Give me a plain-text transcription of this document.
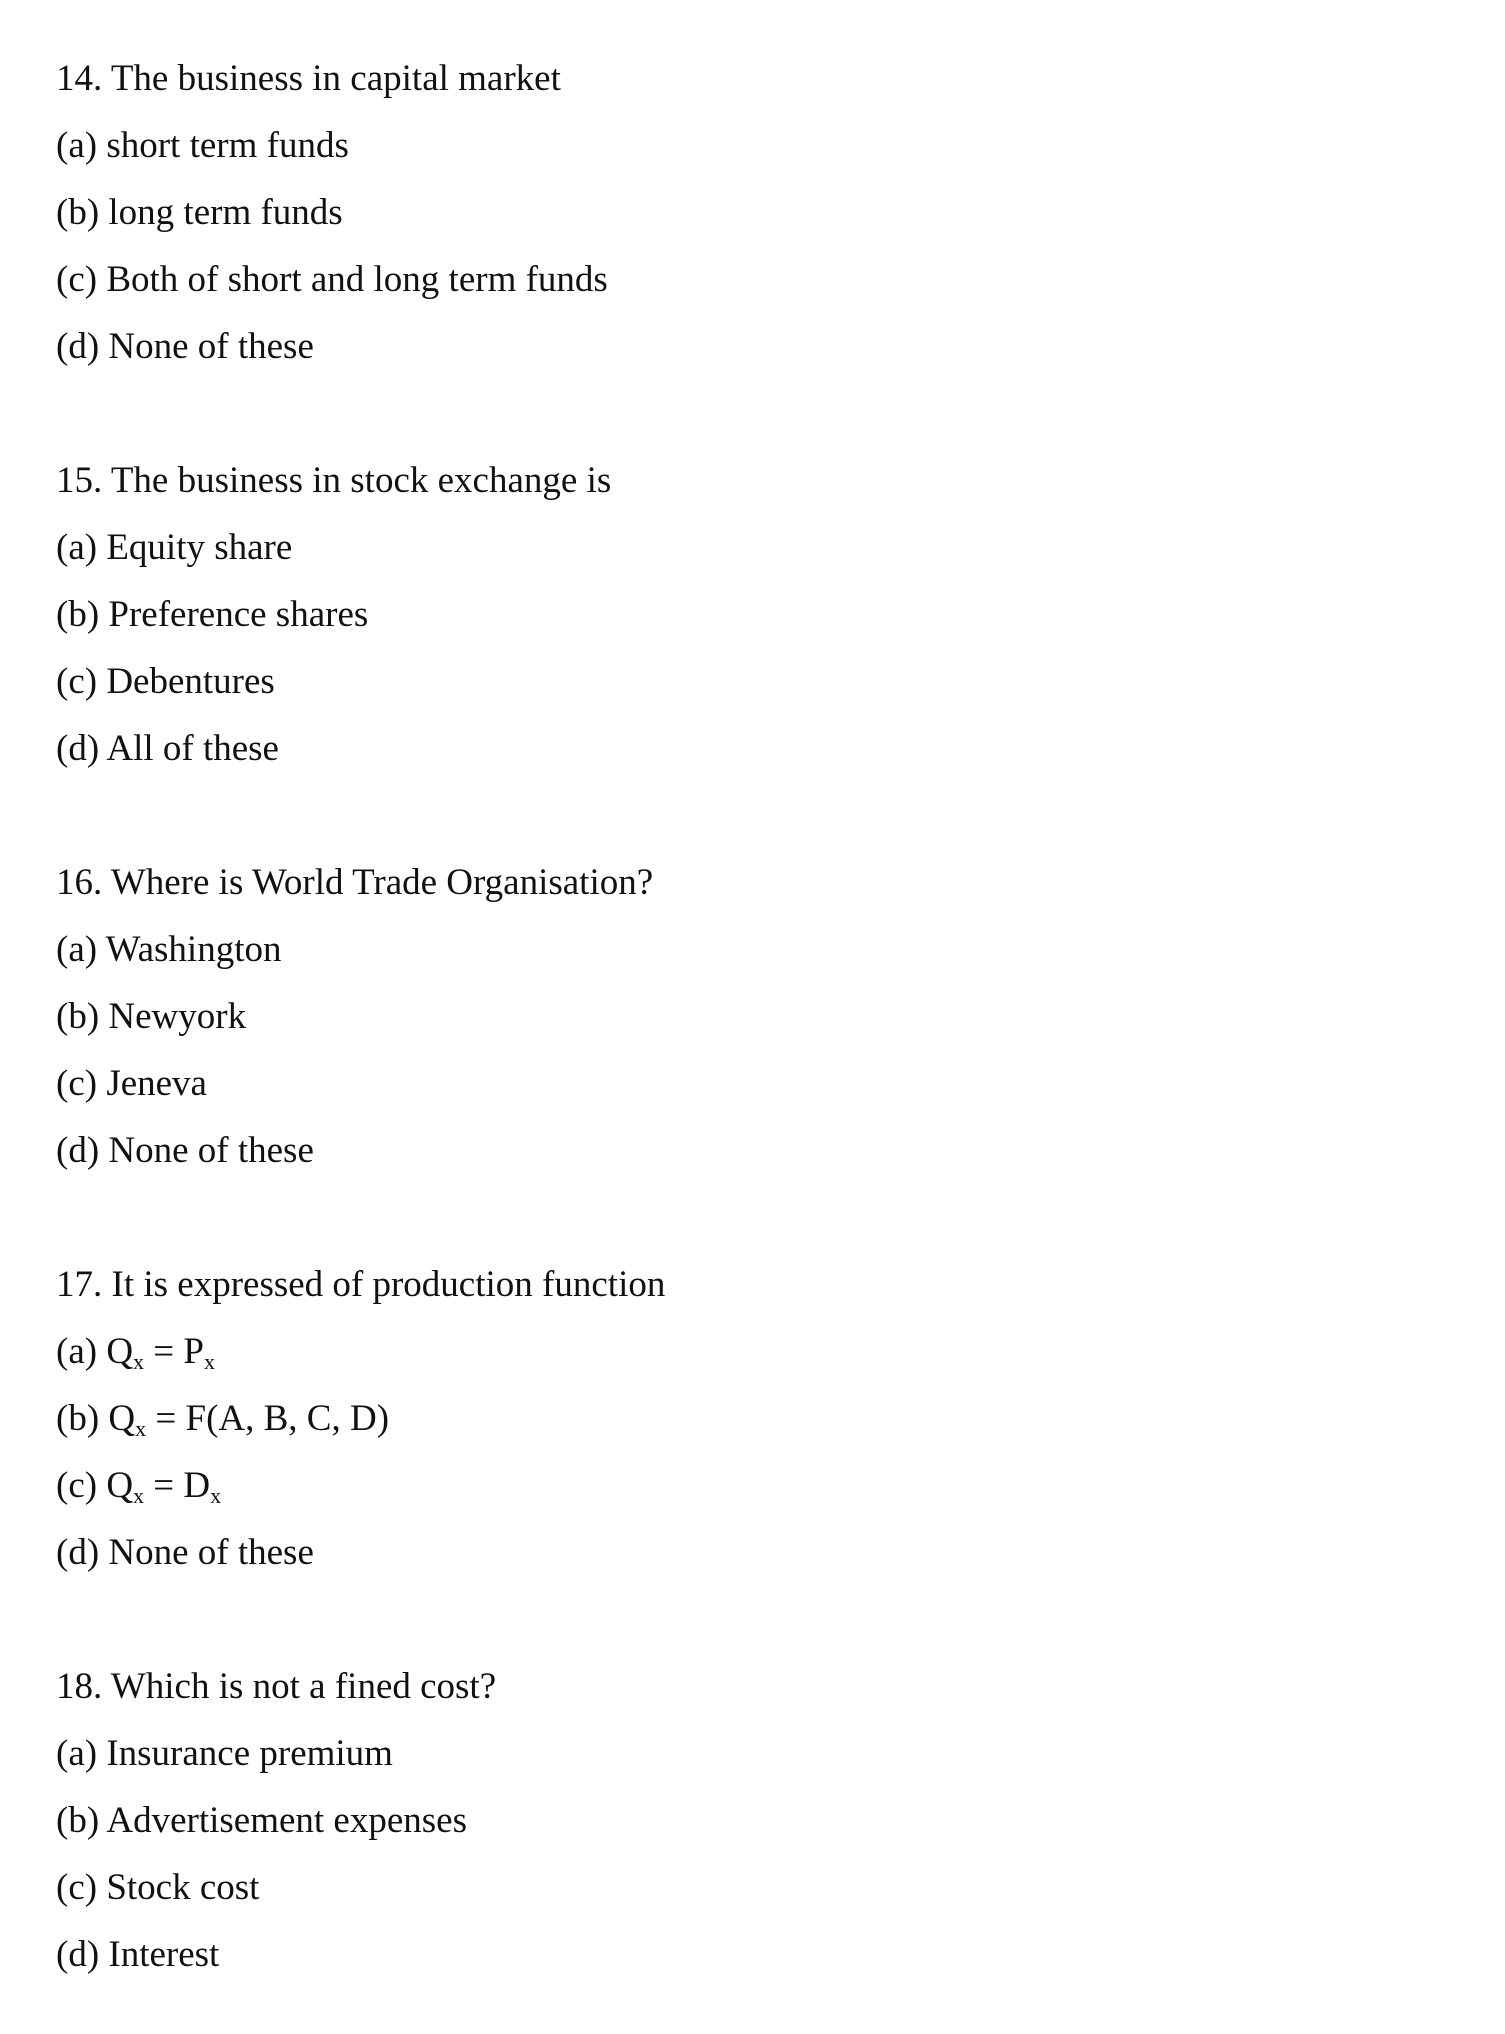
14. The business in capital market
(a) short term funds
(b) long term funds
(c) Both of short and long term funds
(d) None of these
15. The business in stock exchange is
(a) Equity share
(b) Preference shares
(c) Debentures
(d) All of these
16. Where is World Trade Organisation?
(a) Washington
(b) Newyork
(c) Jeneva
(d) None of these
17. It is expressed of production function
(a) $Q_x = P_x$
(b) $Q_x = F(A$, B, C, D)
(c) $Q_x = D_x$
(d) None of these
18. Which is not a fined cost?
(a) Insurance premium
(b) Advertisement expenses
(c) Stock cost
(d) Interest
